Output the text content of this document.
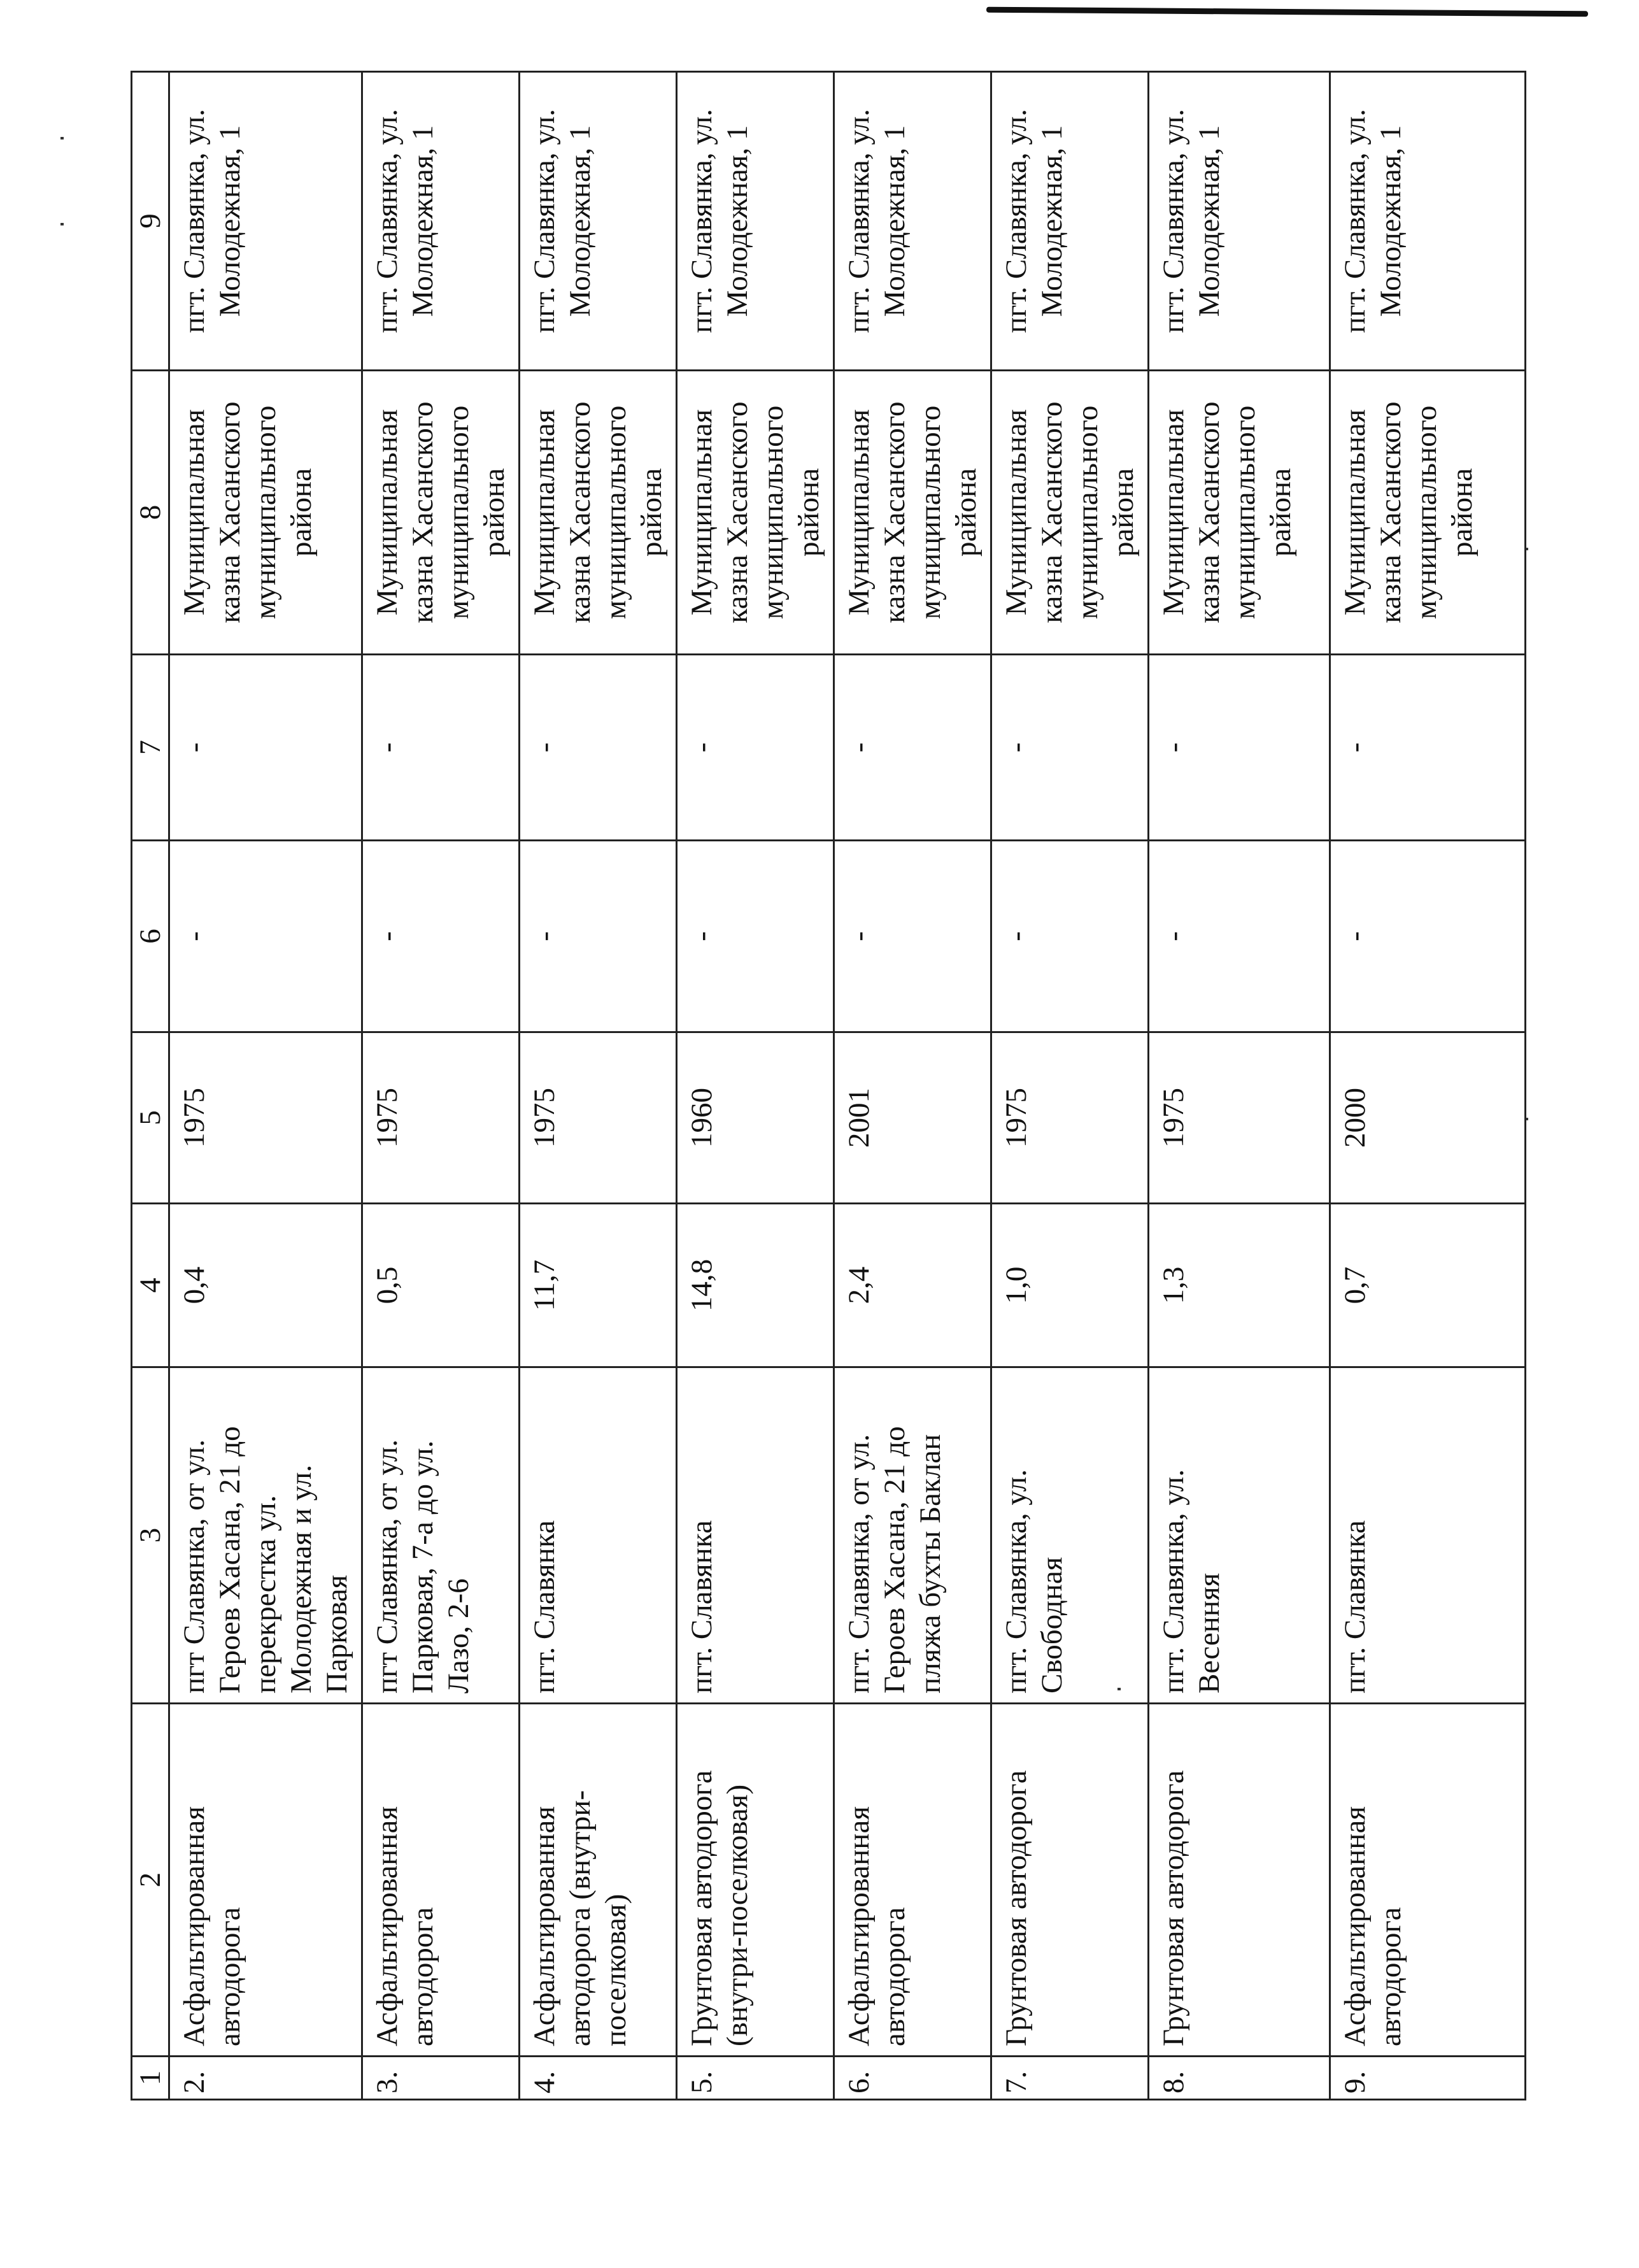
1	2	3	4	5	6	7	8	9
2.	Асфальтированная автодорога	пгт Славянка, от ул. Героев Хасана, 21 до перекрестка ул. Молодежная и ул. Парковая	0,4	1975	-	-	Муниципальная казна Хасанского муниципального района	пгт. Славянка, ул. Молодежная, 1
3.	Асфальтированная автодорога	пгт Славянка, от ул. Парковая, 7-а до ул. Лазо, 2-6	0,5	1975	-	-	Муниципальная казна Хасанского муниципального района	пгт. Славянка, ул. Молодежная, 1
4.	Асфальтированная автодорога (внутри-поселковая)	пгт. Славянка	11,7	1975	-	-	Муниципальная казна Хасанского муниципального района	пгт. Славянка, ул. Молодежная, 1
5.	Грунтовая автодорога (внутри-поселковая)	пгт. Славянка	14,8	1960	-	-	Муниципальная казна Хасанского муниципального района	пгт. Славянка, ул. Молодежная, 1
6.	Асфальтированная автодорога	пгт. Славянка, от ул. Героев Хасана, 21 до пляжа бухты Баклан	2,4	2001	-	-	Муниципальная казна Хасанского муниципального района	пгт. Славянка, ул. Молодежная, 1
7.	Грунтовая автодорога	пгт. Славянка, ул. Свободная	1,0	1975	-	-	Муниципальная казна Хасанского муниципального района	пгт. Славянка, ул. Молодежная, 1
8.	Грунтовая автодорога	пгт. Славянка, ул. Весенняя	1,3	1975	-	-	Муниципальная казна Хасанского муниципального района	пгт. Славянка, ул. Молодежная, 1
9.	Асфальтированная автодорога	пгт. Славянка	0,7	2000	-	-	Муниципальная казна Хасанского муниципального района	пгт. Славянка, ул. Молодежная, 1
